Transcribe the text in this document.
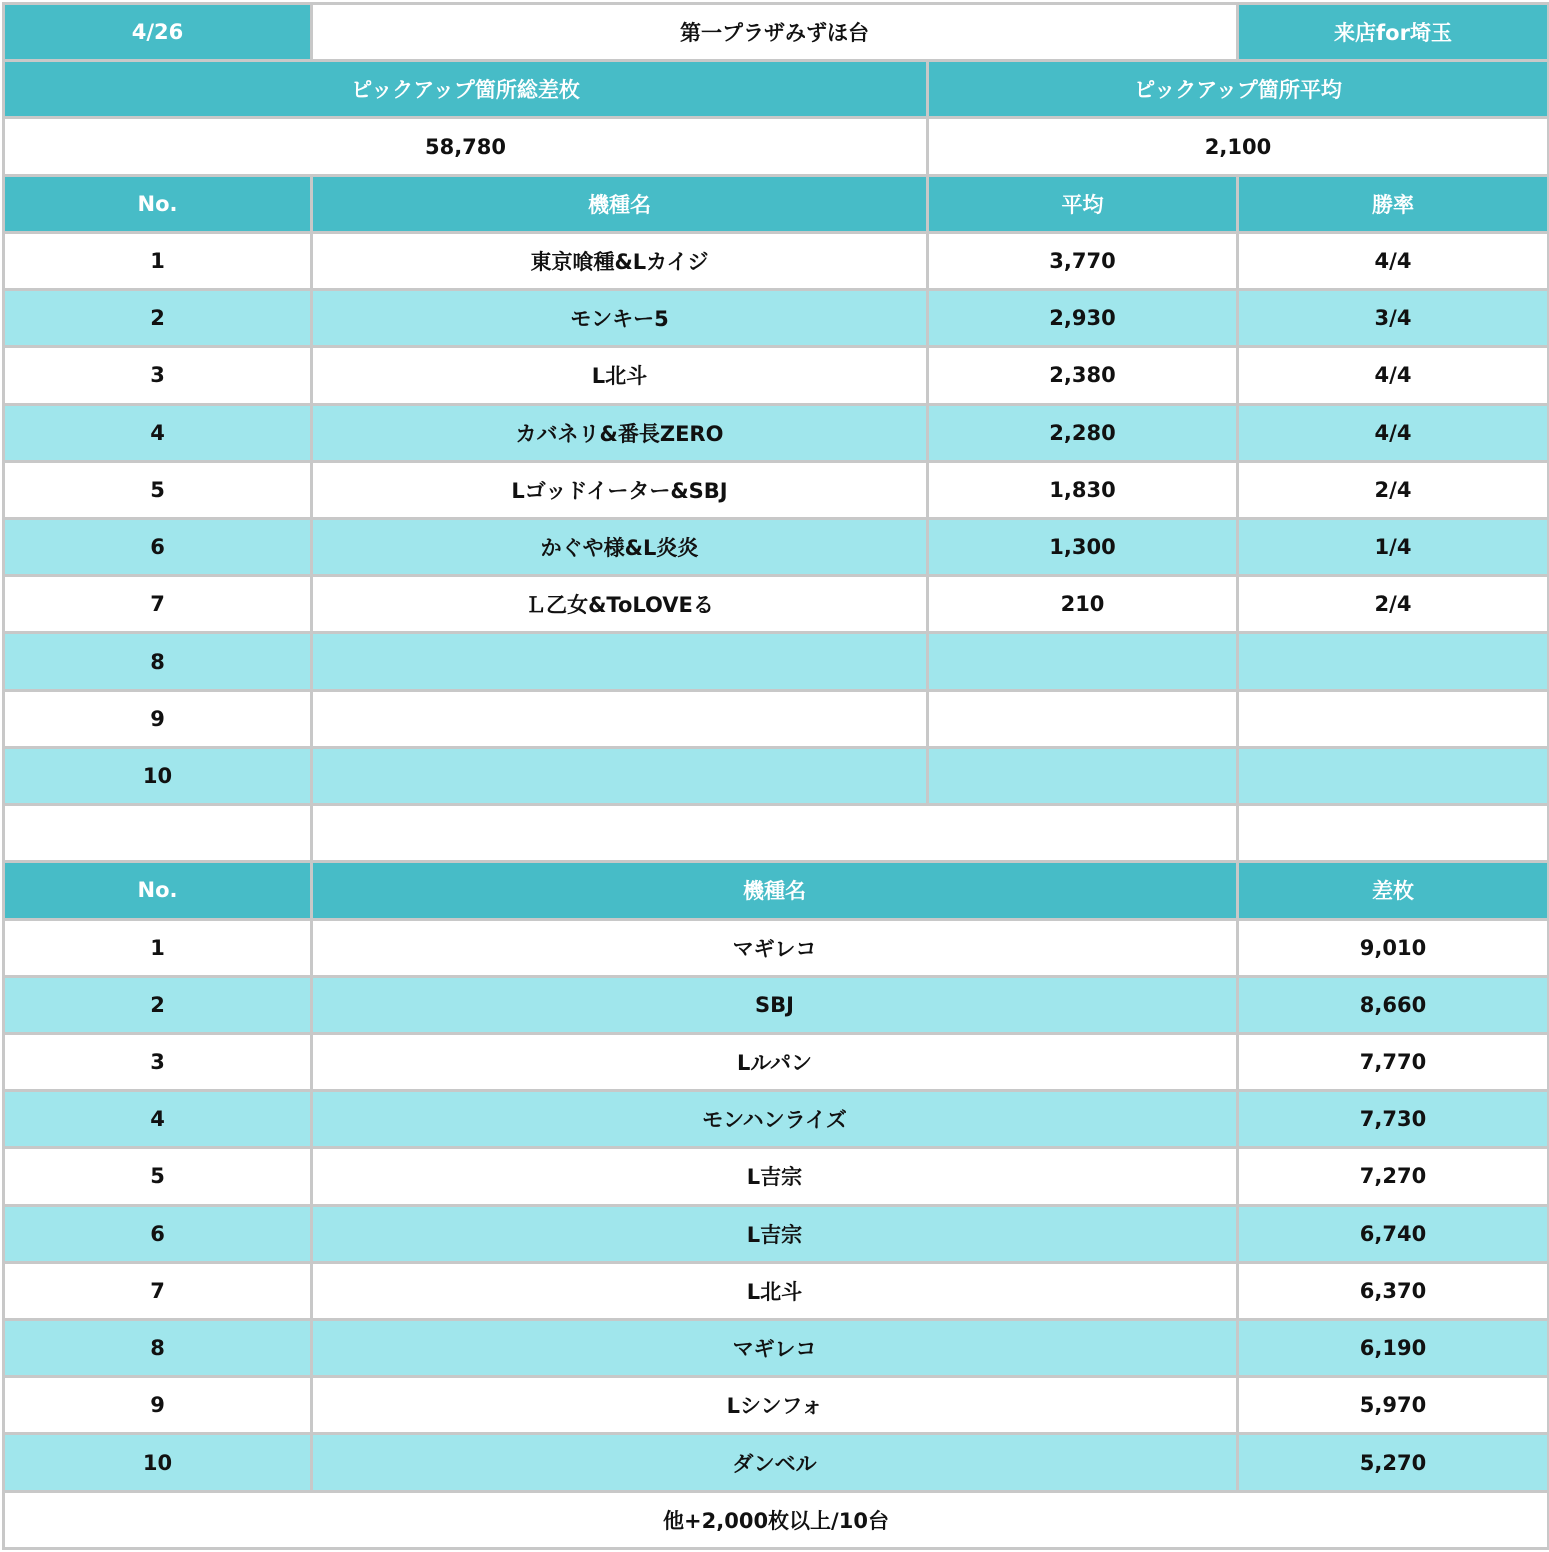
4/26	第一プラザみずほ台		来店for埼玉
ピックアップ箇所総差枚		ピックアップ箇所平均	
58,780		2,100	
No.	機種名	平均	勝率
1	東京喰種&Lカイジ	3,770	4/4
2	モンキー5	2,930	3/4
3	L北斗	2,380	4/4
4	カバネリ&番長ZERO	2,280	4/4
5	Lゴッドイーター&SBJ	1,830	2/4
6	かぐや様&L炎炎	1,300	1/4
7	Ｌ乙女&ToLOVEる	210	2/4
8			
9			
10			

No.	機種名		差枚
1	マギレコ		9,010
2	SBJ		8,660
3	Lルパン		7,770
4	モンハンライズ		7,730
5	L吉宗		7,270
6	L吉宗		6,740
7	L北斗		6,370
8	マギレコ		6,190
9	Lシンフォ		5,970
10	ダンベル		5,270
他+2,000枚以上/10台			
